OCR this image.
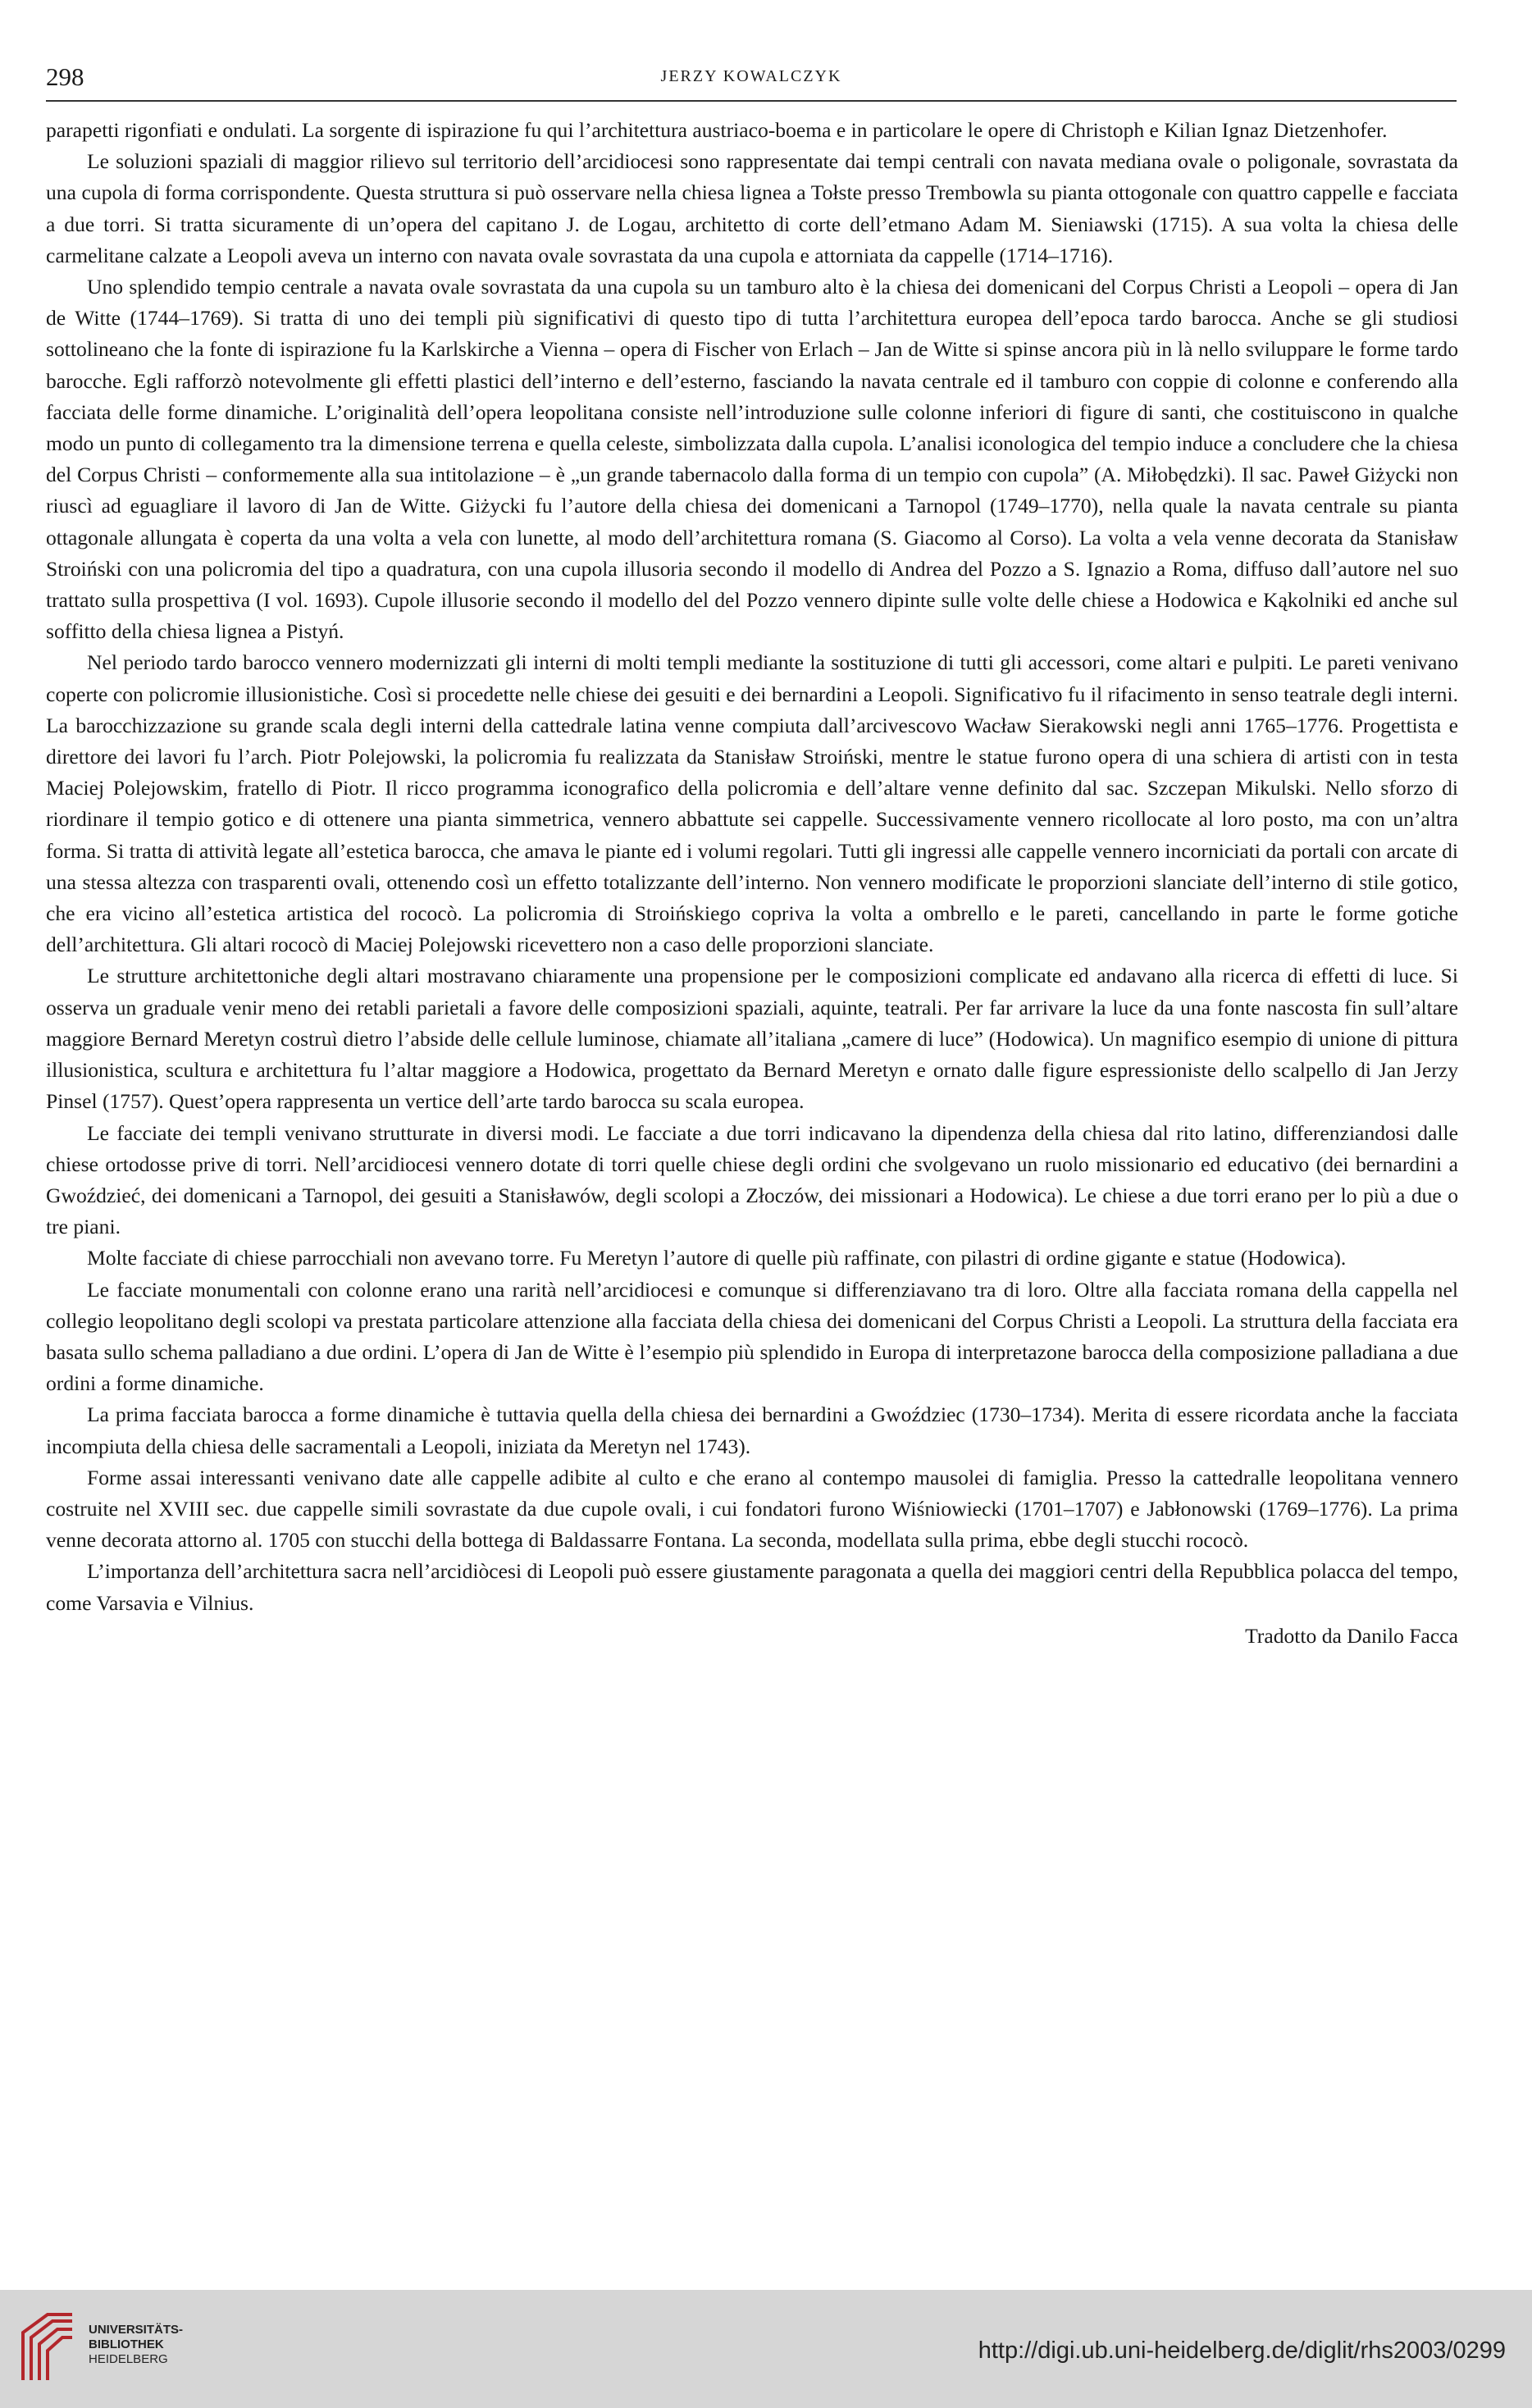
298	JERZY KOWALCZYK

parapetti rigonfiati e ondulati. La sorgente di ispirazione fu qui l’architettura austriaco-boema e in particolare le opere di Christoph e Kilian Ignaz Dietzenhofer.

Le soluzioni spaziali di maggior rilievo sul territorio dell’arcidiocesi sono rappresentate dai tempi centrali con navata mediana ovale o poligonale, sovrastata da una cupola di forma corrispondente. Questa struttura si può osservare nella chiesa lignea a Tołste presso Trembowla su pianta ottogonale con quattro cappelle e facciata a due torri. Si tratta sicuramente di un’opera del capitano J. de Logau, architetto di corte dell’etmano Adam M. Sieniawski (1715). A sua volta la chiesa delle carmelitane calzate a Leopoli aveva un interno con navata ovale sovrastata da una cupola e attorniata da cappelle (1714–1716).

Uno splendido tempio centrale a navata ovale sovrastata da una cupola su un tamburo alto è la chiesa dei domenicani del Corpus Christi a Leopoli – opera di Jan de Witte (1744–1769). Si tratta di uno dei templi più significativi di questo tipo di tutta l’architettura europea dell’epoca tardo barocca. Anche se gli studiosi sottolineano che la fonte di ispirazione fu la Karlskirche a Vienna – opera di Fischer von Erlach – Jan de Witte si spinse ancora più in là nello sviluppare le forme tardo barocche. Egli rafforzò notevolmente gli effetti plastici dell’interno e dell’esterno, fasciando la navata centrale ed il tamburo con coppie di colonne e conferendo alla facciata delle forme dinamiche. L’originalità dell’opera leopolitana consiste nell’introduzione sulle colonne inferiori di figure di santi, che costituiscono in qualche modo un punto di collegamento tra la dimensione terrena e quella celeste, simbolizzata dalla cupola. L’analisi iconologica del tempio induce a concludere che la chiesa del Corpus Christi – conformemente alla sua intitolazione – è „un grande tabernacolo dalla forma di un tempio con cupola” (A. Miłobędzki). Il sac. Paweł Giżycki non riuscì ad eguagliare il lavoro di Jan de Witte. Giżycki fu l’autore della chiesa dei domenicani a Tarnopol (1749–1770), nella quale la navata centrale su pianta ottagonale allungata è coperta da una volta a vela con lunette, al modo dell’architettura romana (S. Giacomo al Corso). La volta a vela venne decorata da Stanisław Stroiński con una policromia del tipo a quadratura, con una cupola illusoria secondo il modello di Andrea del Pozzo a S. Ignazio a Roma, diffuso dall’autore nel suo trattato sulla prospettiva (I vol. 1693). Cupole illusorie secondo il modello del del Pozzo vennero dipinte sulle volte delle chiese a Hodowica e Kąkolniki ed anche sul soffitto della chiesa lignea a Pistyń.

Nel periodo tardo barocco vennero modernizzati gli interni di molti templi mediante la sostituzione di tutti gli accessori, come altari e pulpiti. Le pareti venivano coperte con policromie illusionistiche. Così si procedette nelle chiese dei gesuiti e dei bernardini a Leopoli. Significativo fu il rifacimento in senso teatrale degli interni. La barocchizzazione su grande scala degli interni della cattedrale latina venne compiuta dall’arcivescovo Wacław Sierakowski negli anni 1765–1776. Progettista e direttore dei lavori fu l’arch. Piotr Polejowski, la policromia fu realizzata da Stanisław Stroiński, mentre le statue furono opera di una schiera di artisti con in testa Maciej Polejowskim, fratello di Piotr. Il ricco programma iconografico della policromia e dell’altare venne definito dal sac. Szczepan Mikulski. Nello sforzo di riordinare il tempio gotico e di ottenere una pianta simmetrica, vennero abbattute sei cappelle. Successivamente vennero ricollocate al loro posto, ma con un’altra forma. Si tratta di attività legate all’estetica barocca, che amava le piante ed i volumi regolari. Tutti gli ingressi alle cappelle vennero incorniciati da portali con arcate di una stessa altezza con trasparenti ovali, ottenendo così un effetto totalizzante dell’interno. Non vennero modificate le proporzioni slanciate dell’interno di stile gotico, che era vicino all’estetica artistica del rococò. La policromia di Stroińskiego copriva la volta a ombrello e le pareti, cancellando in parte le forme gotiche dell’architettura. Gli altari rococò di Maciej Polejowski ricevettero non a caso delle proporzioni slanciate.

Le strutture architettoniche degli altari mostravano chiaramente una propensione per le composizioni complicate ed andavano alla ricerca di effetti di luce. Si osserva un graduale venir meno dei retabli parietali a favore delle composizioni spaziali, aquinte, teatrali. Per far arrivare la luce da una fonte nascosta fin sull’altare maggiore Bernard Meretyn costruì dietro l’abside delle cellule luminose, chiamate all’italiana „camere di luce” (Hodowica). Un magnifico esempio di unione di pittura illusionistica, scultura e architettura fu l’altar maggiore a Hodowica, progettato da Bernard Meretyn e ornato dalle figure espressioniste dello scalpello di Jan Jerzy Pinsel (1757). Quest’opera rappresenta un vertice dell’arte tardo barocca su scala europea.

Le facciate dei templi venivano strutturate in diversi modi. Le facciate a due torri indicavano la dipendenza della chiesa dal rito latino, differenziandosi dalle chiese ortodosse prive di torri. Nell’arcidiocesi vennero dotate di torri quelle chiese degli ordini che svolgevano un ruolo missionario ed educativo (dei bernardini a Gwoździeć, dei domenicani a Tarnopol, dei gesuiti a Stanisławów, degli scolopi a Złoczów, dei missionari a Hodowica). Le chiese a due torri erano per lo più a due o tre piani.

Molte facciate di chiese parrocchiali non avevano torre. Fu Meretyn l’autore di quelle più raffinate, con pilastri di ordine gigante e statue (Hodowica).

Le facciate monumentali con colonne erano una rarità nell’arcidiocesi e comunque si differenziavano tra di loro. Oltre alla facciata romana della cappella nel collegio leopolitano degli scolopi va prestata particolare attenzione alla facciata della chiesa dei domenicani del Corpus Christi a Leopoli. La struttura della facciata era basata sullo schema palladiano a due ordini. L’opera di Jan de Witte è l’esempio più splendido in Europa di interpretazone barocca della composizione palladiana a due ordini a forme dinamiche.

La prima facciata barocca a forme dinamiche è tuttavia quella della chiesa dei bernardini a Gwoździec (1730–1734). Merita di essere ricordata anche la facciata incompiuta della chiesa delle sacramentali a Leopoli, iniziata da Meretyn nel 1743).

Forme assai interessanti venivano date alle cappelle adibite al culto e che erano al contempo mausolei di famiglia. Presso la cattedralle leopolitana vennero costruite nel XVIII sec. due cappelle simili sovrastate da due cupole ovali, i cui fondatori furono Wiśniowiecki (1701–1707) e Jabłonowski (1769–1776). La prima venne decorata attorno al. 1705 con stucchi della bottega di Baldassarre Fontana. La seconda, modellata sulla prima, ebbe degli stucchi rococò.

L’importanza dell’architettura sacra nell’arcidiòcesi di Leopoli può essere giustamente paragonata a quella dei maggiori centri della Repubblica polacca del tempo, come Varsavia e Vilnius.

Tradotto da Danilo Facca
UNIVERSITÄTS-
BIBLIOTHEK
HEIDELBERG	http://digi.ub.uni-heidelberg.de/diglit/rhs2003/0299
